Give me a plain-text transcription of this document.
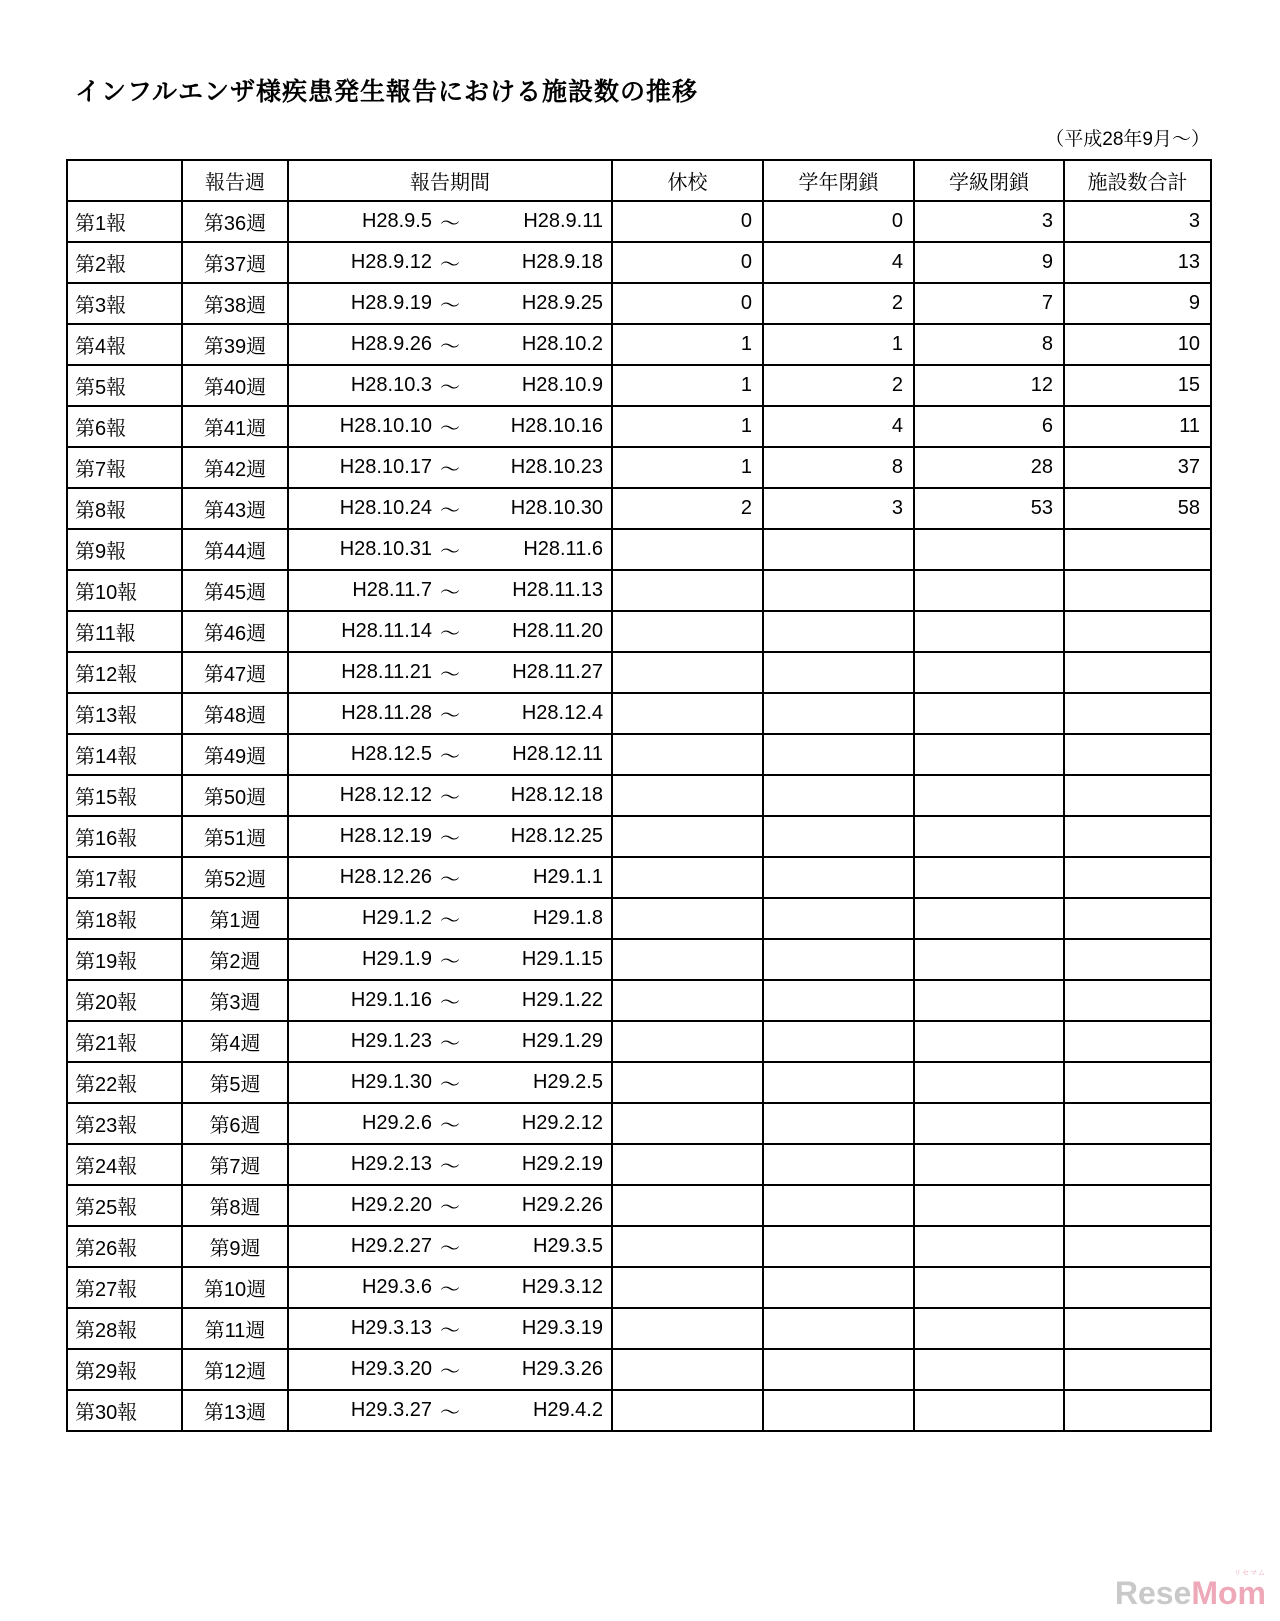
インフルエンザ様疾患発生報告における施設数の推移
（平成28年9月～）
	報告週	報告期間	休校	学年閉鎖	学級閉鎖	施設数合計
第1報	第36週	H28.9.5 ～ H28.9.11	0	0	3	3
第2報	第37週	H28.9.12 ～ H28.9.18	0	4	9	13
第3報	第38週	H28.9.19 ～ H28.9.25	0	2	7	9
第4報	第39週	H28.9.26 ～ H28.10.2	1	1	8	10
第5報	第40週	H28.10.3 ～ H28.10.9	1	2	12	15
第6報	第41週	H28.10.10 ～ H28.10.16	1	4	6	11
第7報	第42週	H28.10.17 ～ H28.10.23	1	8	28	37
第8報	第43週	H28.10.24 ～ H28.10.30	2	3	53	58
第9報	第44週	H28.10.31 ～ H28.11.6				

第10報	第45週	H28.11.7 ～ H28.11.13				

第11報	第46週	H28.11.14 ～ H28.11.20				

第12報	第47週	H28.11.21 ～ H28.11.27				

第13報	第48週	H28.11.28 ～ H28.12.4				

第14報	第49週	H28.12.5 ～ H28.12.11				

第15報	第50週	H28.12.12 ～ H28.12.18				

第16報	第51週	H28.12.19 ～ H28.12.25				

第17報	第52週	H28.12.26 ～ H29.1.1				

第18報	第1週	H29.1.2 ～ H29.1.8				

第19報	第2週	H29.1.9 ～ H29.1.15				

第20報	第3週	H29.1.16 ～ H29.1.22				

第21報	第4週	H29.1.23 ～ H29.1.29				

第22報	第5週	H29.1.30 ～ H29.2.5				

第23報	第6週	H29.2.6 ～ H29.2.12				

第24報	第7週	H29.2.13 ～ H29.2.19				

第25報	第8週	H29.2.20 ～ H29.2.26				

第26報	第9週	H29.2.27 ～ H29.3.5				

第27報	第10週	H29.3.6 ～ H29.3.12				

第28報	第11週	H29.3.13 ～ H29.3.19				

第29報	第12週	H29.3.20 ～ H29.3.26				

第30報	第13週	H29.3.27 ～ H29.4.2				

リセマム
ReseMom
